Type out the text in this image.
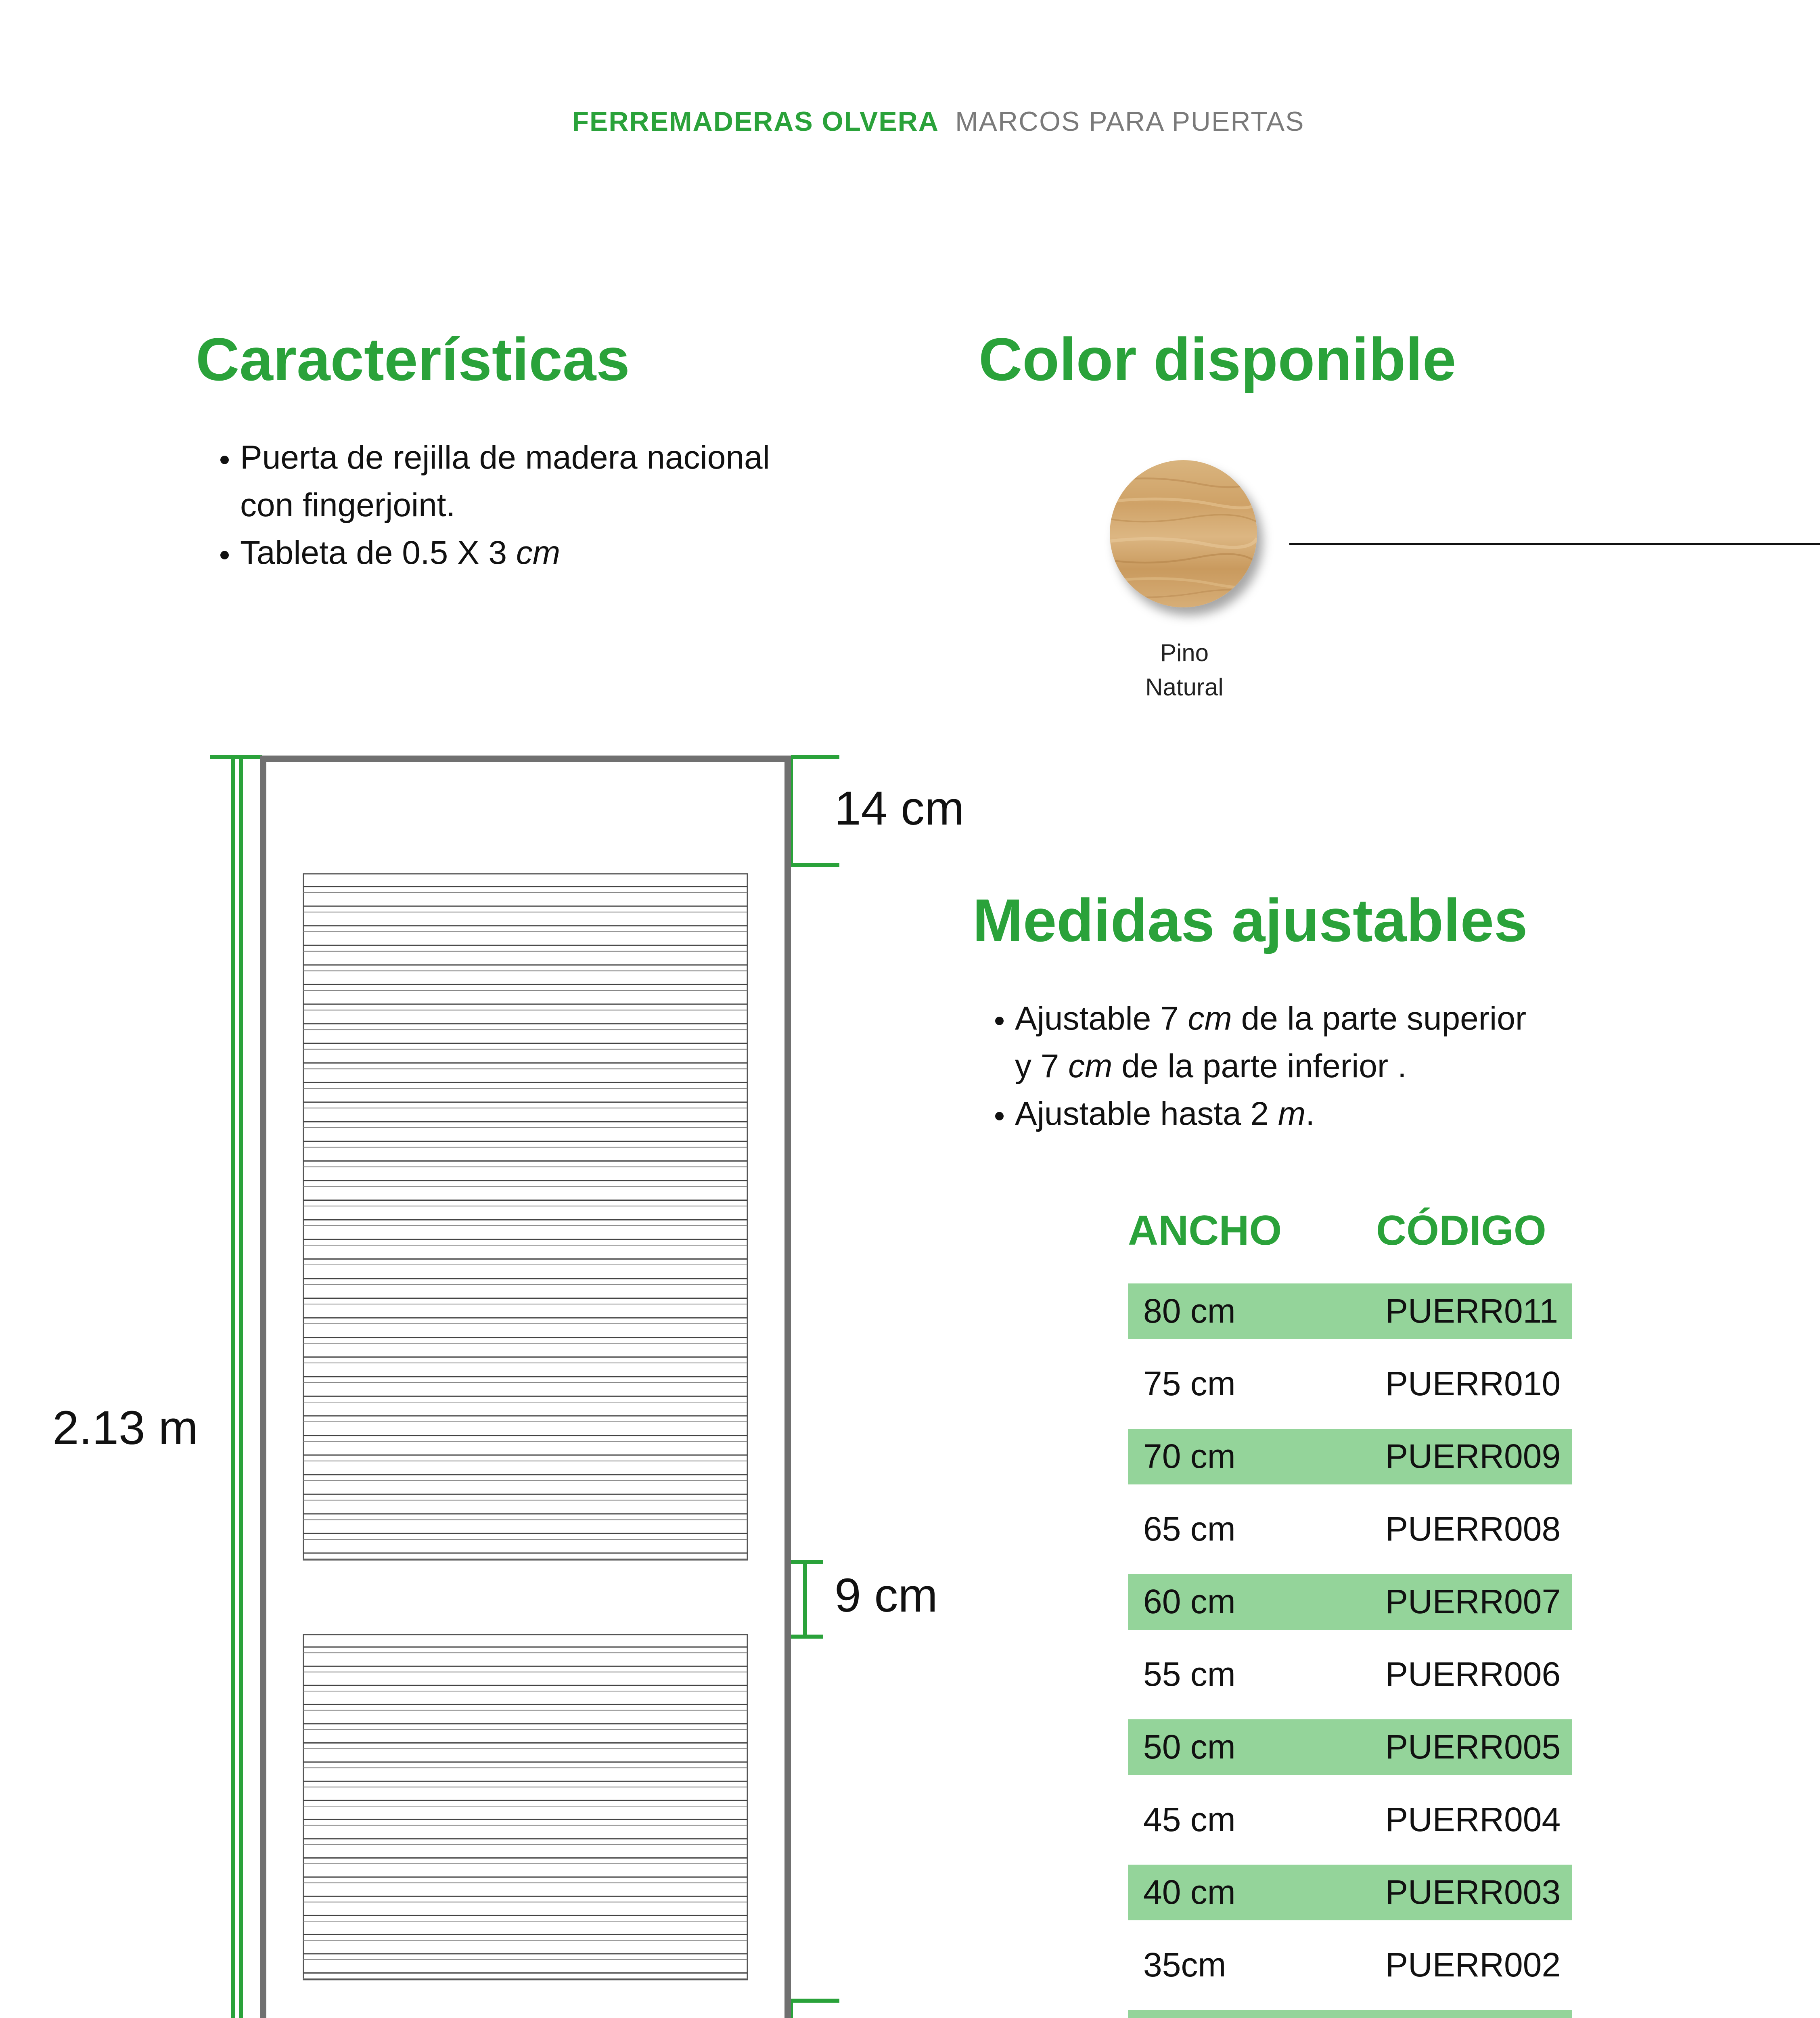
FERREMADERAS OLVERA MARCOS PARA PUERTAS
Características
• Puerta de rejilla de madera nacional
con fingerjoint.
• Tableta de 0.5 X 3 cm
Color disponible
Pino
Natural
2.13 m
14 cm
9 cm
Medidas ajustables
• Ajustable 7 cm de la parte superior
y 7 cm de la parte inferior .
• Ajustable hasta 2 m.
ANCHO CÓDIGO
80 cm	PUERR011
75 cm	PUERR010
70 cm	PUERR009
65 cm	PUERR008
60 cm	PUERR007
55 cm	PUERR006
50 cm	PUERR005
45 cm	PUERR004
40 cm	PUERR003
35cm	PUERR002
